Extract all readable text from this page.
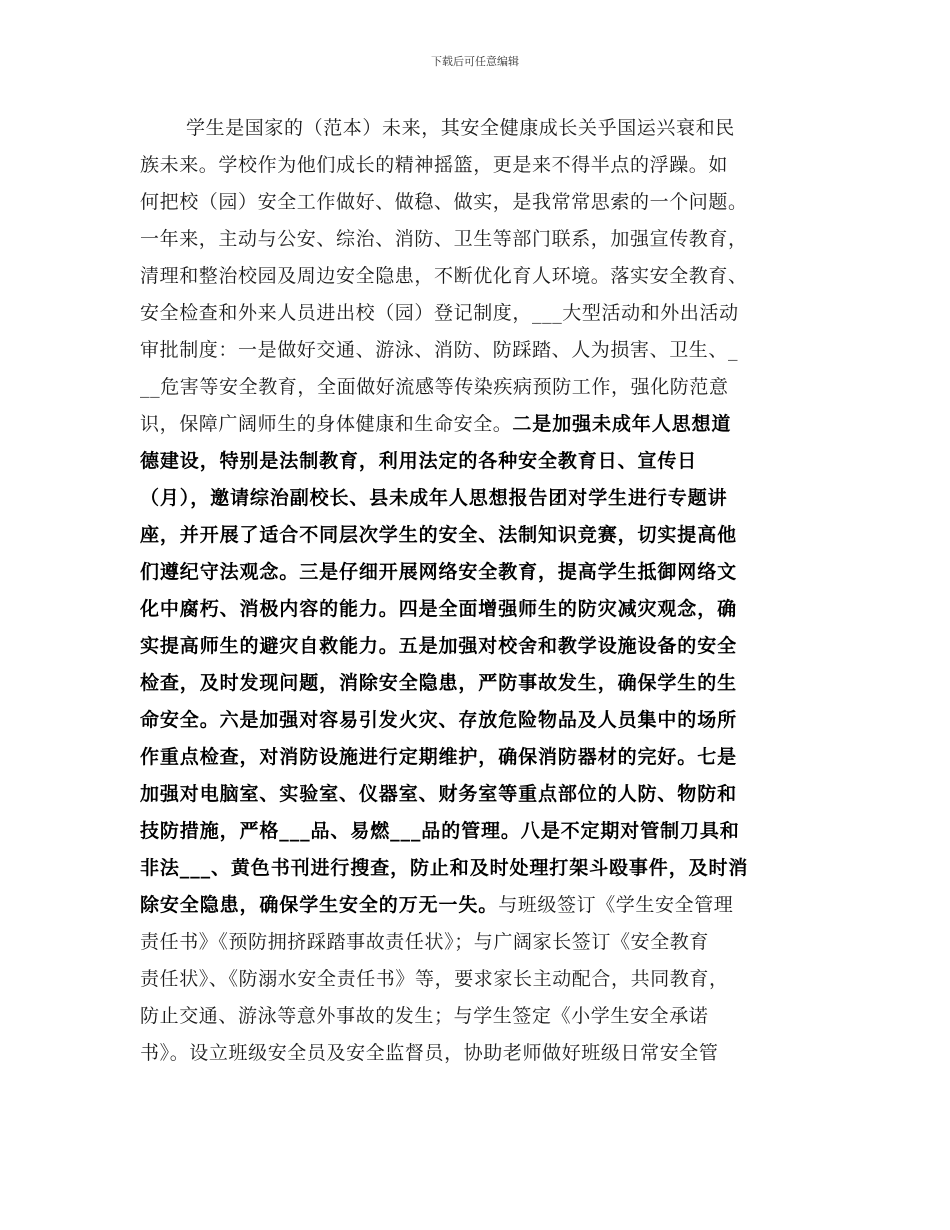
下载后可任意编辑
学生是国家的（范本）未来，其安全健康成长关乎国运兴衰和民
族未来。学校作为他们成长的精神摇篮，更是来不得半点的浮躁。如
何把校（园）安全工作做好、做稳、做实，是我常常思索的一个问题。
一年来，主动与公安、综治、消防、卫生等部门联系，加强宣传教育，
清理和整治校园及周边安全隐患，不断优化育人环境。落实安全教育、
安全检查和外来人员进出校（园）登记制度，___大型活动和外出活动
审批制度：一是做好交通、游泳、消防、防踩踏、人为损害、卫生、_
__危害等安全教育，全面做好流感等传染疾病预防工作，强化防范意
识，保障广阔师生的身体健康和生命安全。二是加强未成年人思想道
德建设，特别是法制教育，利用法定的各种安全教育日、宣传日
（月），邀请综治副校长、县未成年人思想报告团对学生进行专题讲
座，并开展了适合不同层次学生的安全、法制知识竞赛，切实提高他
们遵纪守法观念。三是仔细开展网络安全教育，提高学生抵御网络文
化中腐朽、消极内容的能力。四是全面增强师生的防灾减灾观念，确
实提高师生的避灾自救能力。五是加强对校舍和教学设施设备的安全
检查，及时发现问题，消除安全隐患，严防事故发生，确保学生的生
命安全。六是加强对容易引发火灾、存放危险物品及人员集中的场所
作重点检查，对消防设施进行定期维护，确保消防器材的完好。七是
加强对电脑室、实验室、仪器室、财务室等重点部位的人防、物防和
技防措施，严格___品、易燃___品的管理。八是不定期对管制刀具和
非法___、黄色书刊进行搜查，防止和及时处理打架斗殴事件，及时消
除安全隐患，确保学生安全的万无一失。与班级签订《学生安全管理
责任书》《预防拥挤踩踏事故责任状》；与广阔家长签订《安全教育
责任状》、《防溺水安全责任书》等，要求家长主动配合，共同教育，
防止交通、游泳等意外事故的发生；与学生签定《小学生安全承诺
书》。设立班级安全员及安全监督员，协助老师做好班级日常安全管
